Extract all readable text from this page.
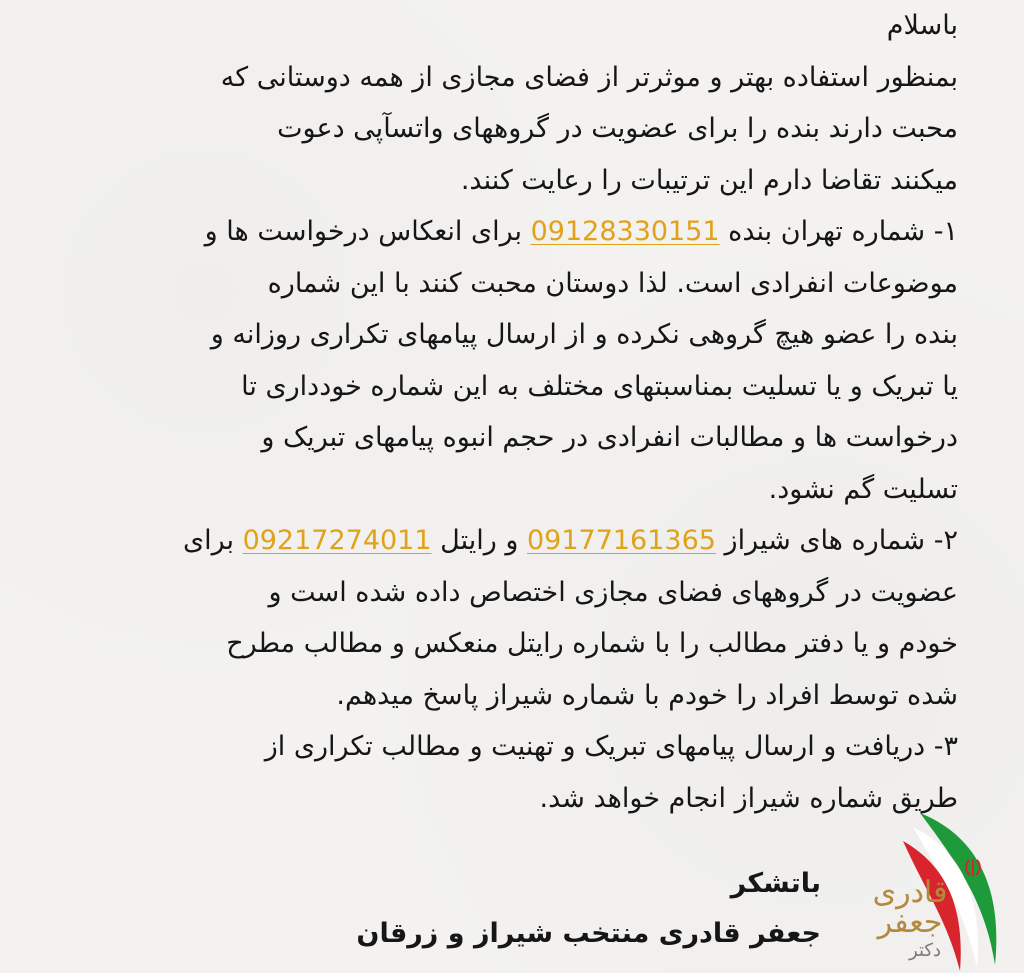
باسلام
بمنظور استفاده بهتر و موثرتر از فضای مجازی از همه دوستانی که
محبت دارند بنده را برای عضویت در گروههای واتسآپی دعوت
میکنند تقاضا دارم این ترتیبات را رعایت کنند.
۱- شماره تهران بنده 09128330151 برای انعکاس درخواست ها و
موضوعات انفرادی است. لذا دوستان محبت کنند با این شماره
بنده را عضو هیچ گروهی نکرده و از ارسال پیامهای تکراری روزانه و
یا تبریک و یا تسلیت بمناسبتهای مختلف به این شماره خودداری تا
درخواست ها و مطالبات انفرادی در حجم انبوه پیامهای تبریک و
تسلیت گم نشود.
۲- شماره های شیراز 09177161365 و رایتل 09217274011 برای
عضویت در گروههای فضای مجازی اختصاص داده شده است و
خودم و یا دفتر مطالب را با شماره رایتل منعکس و مطالب مطرح
شده توسط افراد را خودم با شماره شیراز پاسخ میدهم.
۳- دریافت و ارسال پیامهای تبریک و تهنیت و مطالب تکراری از
طریق شماره شیراز انجام خواهد شد.
باتشکر
جعفر قادری منتخب شیراز و زرقان
قادری
جعفر
دکتر
